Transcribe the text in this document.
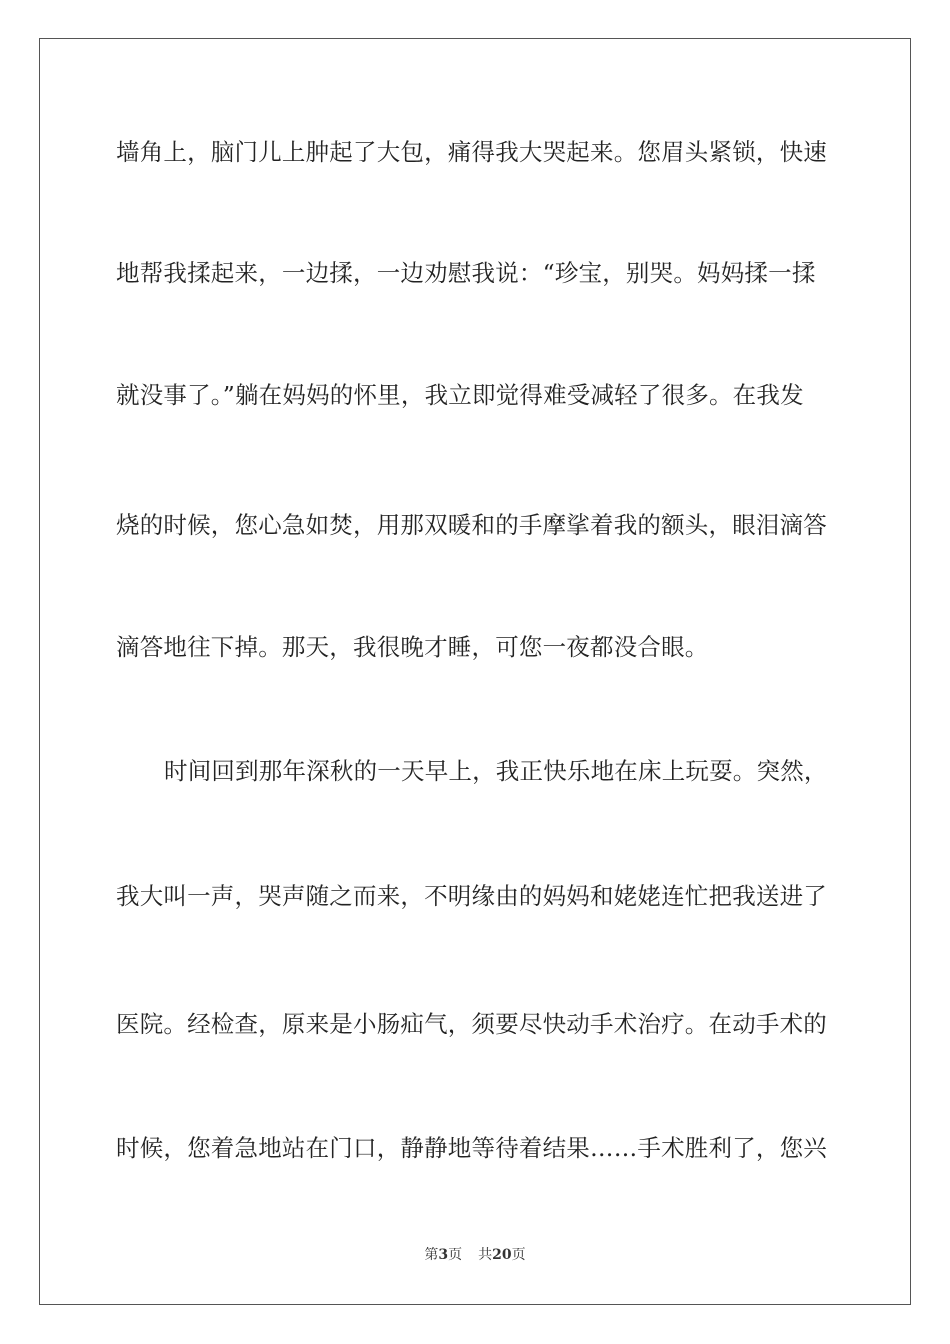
墙角上，脑门儿上肿起了大包，痛得我大哭起来。您眉头紧锁，快速
地帮我揉起来，一边揉，一边劝慰我说：“珍宝，别哭。妈妈揉一揉
就没事了。”躺在妈妈的怀里，我立即觉得难受减轻了很多。在我发
烧的时候，您心急如焚，用那双暖和的手摩挲着我的额头，眼泪滴答
滴答地往下掉。那天，我很晚才睡，可您一夜都没合眼。
时间回到那年深秋的一天早上，我正快乐地在床上玩耍。突然，
我大叫一声，哭声随之而来，不明缘由的妈妈和姥姥连忙把我送进了
医院。经检查，原来是小肠疝气，须要尽快动手术治疗。在动手术的
时候，您着急地站在门口，静静地等待着结果……手术胜利了，您兴
第3页 共20页
